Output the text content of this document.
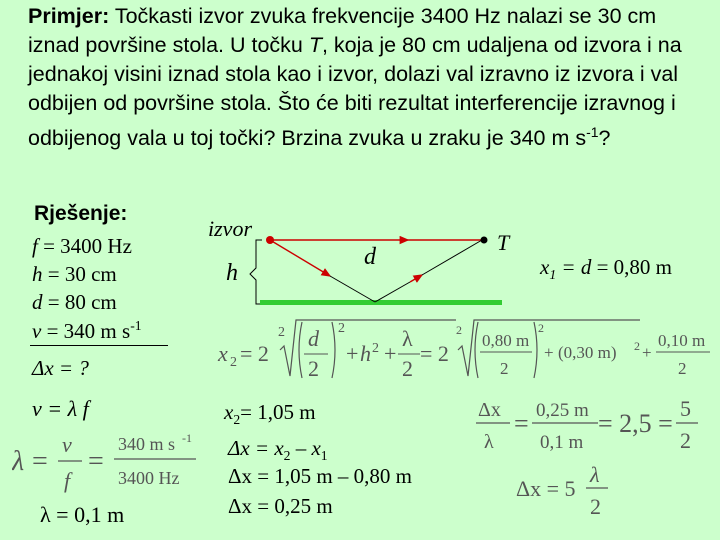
Primjer: Točkasti izvor zvuka frekvencije 3400 Hz nalazi se 30 cm iznad površine stola. U točku T, koja je 80 cm udaljena od izvora i na jednakoj visini iznad stola kao i izvor, dolazi val izravno iz izvora i val odbijen od površine stola. Što će biti rezultat interferencije izravnog i odbijenog vala u toj točki? Brzina zvuka u zraku je 340 m $s^{-1}$?
Rješenje:
f = 3400 Hz
h = 30 cm
d = 80 cm
v = 340 m $s^{-1}$
Δx = ?
izvor
T
d
h	$x_1 = d = 0,80$ m
x 2 = 2
2 d
2
2
+ h 2 +
λ
2
= 2
2
0,80 m
2
2
+ (0,30 m) 2 +
0,10 m
2
v = λ f
λ =
v
f
=
340 m s -1
3400 Hz
λ = 0,1 m
$x_2= 1,05$ m
$\Delta x = x_2 - x_1$
Δx = 1,05 m – 0,80 m
Δx = 0,25 m
Δx
λ
= 0,25 m
0,1 m
= 2,5 =
5
2
Δx = 5
λ
2
